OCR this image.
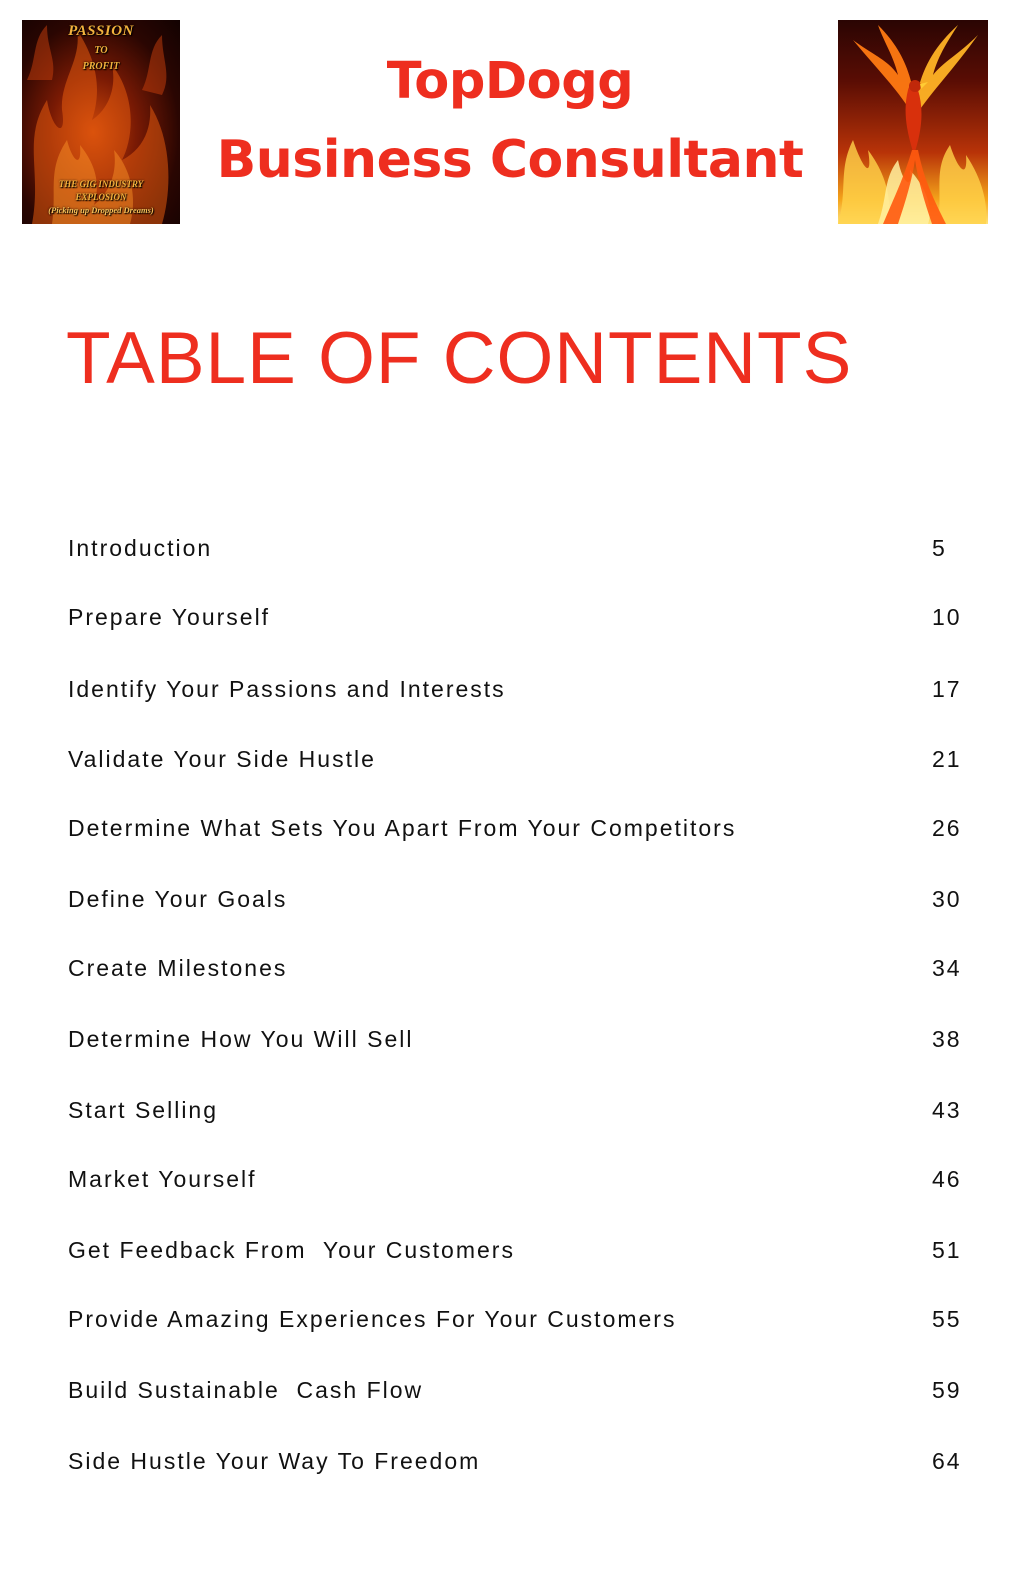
PASSION
TO
PROFIT
THE GIG INDUSTRY
EXPLOSION
(Picking up Dropped Dreams)
TopDogg
Business Consultant
TABLE OF CONTENTS
Introduction	5
Prepare Yourself	10
Identify Your Passions and Interests	17
Validate Your Side Hustle	21
Determine What Sets You Apart From Your Competitors	26
Define Your Goals	30
Create Milestones	34
Determine How You Will Sell	38
Start Selling	43
Market Yourself	46
Get Feedback From  Your Customers	51
Provide Amazing Experiences For Your Customers	55
Build Sustainable  Cash Flow	59
Side Hustle Your Way To Freedom	64
